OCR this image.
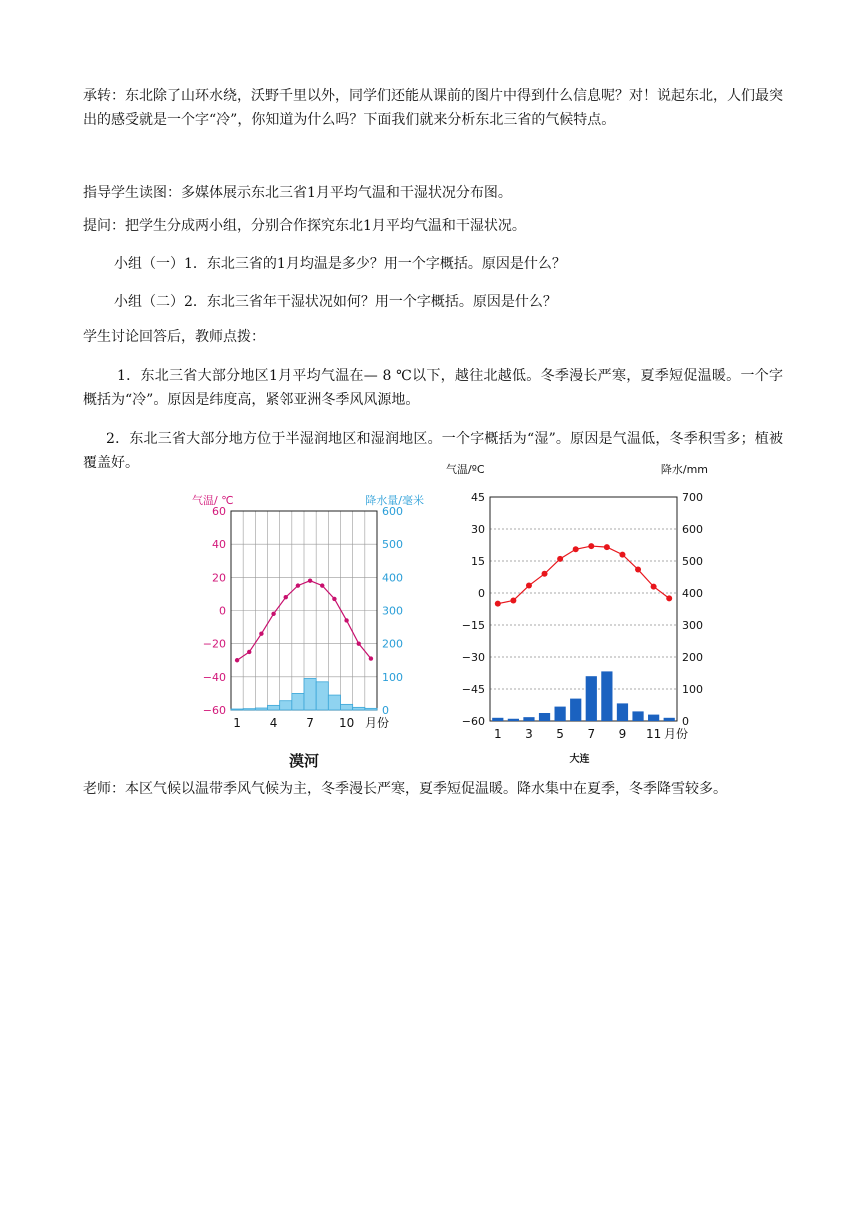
承转：东北除了山环水绕，沃野千里以外，同学们还能从课前的图片中得到什么信息呢？对！说起东北，人们最突出的感受就是一个字“冷”，你知道为什么吗？下面我们就来分析东北三省的气候特点。

指导学生读图：多媒体展示东北三省1月平均气温和干湿状况分布图。

提问：把学生分成两小组，分别合作探究东北1月平均气温和干湿状况。

小组（一）1．东北三省的1月均温是多少？用一个字概括。原因是什么？

小组（二）2．东北三省年干湿状况如何？用一个字概括。原因是什么？

学生讨论回答后，教师点拨：

1．东北三省大部分地区1月平均气温在— 8 ℃以下，越往北越低。冬季漫长严寒，夏季短促温暖。一个字概括为“冷”。原因是纬度高，紧邻亚洲冬季风风源地。

2．东北三省大部分地方位于半湿润地区和湿润地区。一个字概括为“湿”。原因是气温低，冬季积雪多；植被覆盖好。

60
40
20
0
−20
−40
−60
600
500
400
300
200
100
0
1 4 7 10 月份
气温/ ℃	降水量/毫米
漠河
45
30
15
0
−15
−30
−45
−60
700
600
500
400
300
200
100
0
1 3 5 7 9 11 月份
气温/ºC	降水/mm
大连

老师：本区气候以温带季风气候为主，冬季漫长严寒，夏季短促温暖。降水集中在夏季，冬季降雪较多。
